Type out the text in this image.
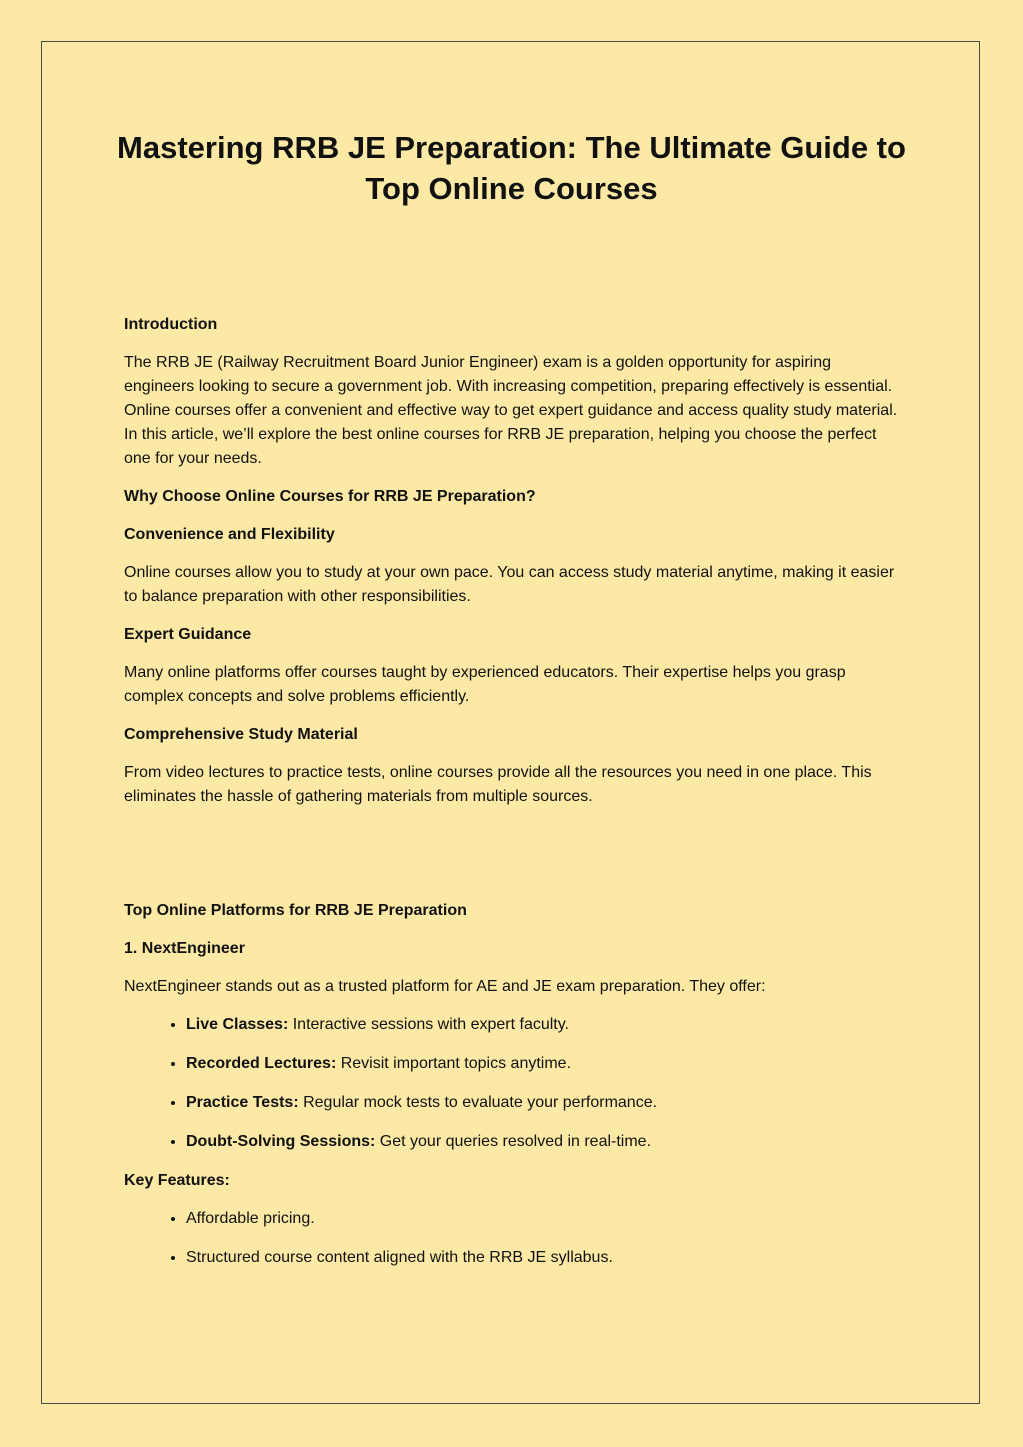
Mastering RRB JE Preparation: The Ultimate Guide to Top Online Courses
Introduction

The RRB JE (Railway Recruitment Board Junior Engineer) exam is a golden opportunity for aspiring engineers looking to secure a government job. With increasing competition, preparing effectively is essential. Online courses offer a convenient and effective way to get expert guidance and access quality study material. In this article, we’ll explore the best online courses for RRB JE preparation, helping you choose the perfect one for your needs.

Why Choose Online Courses for RRB JE Preparation?
Convenience and Flexibility

Online courses allow you to study at your own pace. You can access study material anytime, making it easier to balance preparation with other responsibilities.

Expert Guidance

Many online platforms offer courses taught by experienced educators. Their expertise helps you grasp complex concepts and solve problems efficiently.

Comprehensive Study Material

From video lectures to practice tests, online courses provide all the resources you need in one place. This eliminates the hassle of gathering materials from multiple sources.

Top Online Platforms for RRB JE Preparation
1. NextEngineer

NextEngineer stands out as a trusted platform for AE and JE exam preparation. They offer:

• Live Classes: Interactive sessions with expert faculty.
• Recorded Lectures: Revisit important topics anytime.
• Practice Tests: Regular mock tests to evaluate your performance.
• Doubt-Solving Sessions: Get your queries resolved in real-time.
Key Features:
• Affordable pricing.
• Structured course content aligned with the RRB JE syllabus.
